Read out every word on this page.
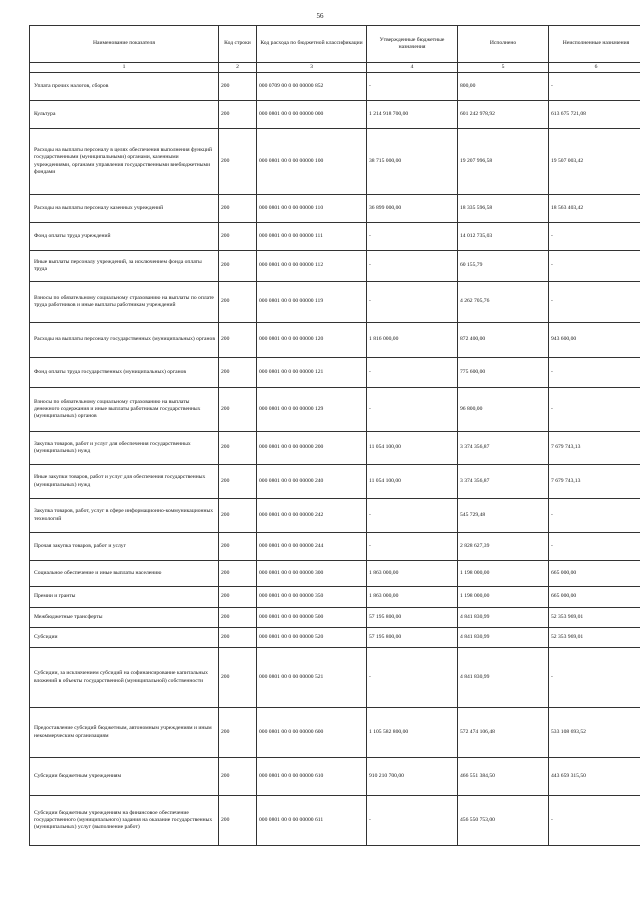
56
Наименование показателя	Код строки	Код расхода по бюджетной классификации	Утвержденные бюджетные назначения	Исполнено	Неисполненные назначения
1	2	3	4	5	6
Уплата прочих налогов, сборов	200	000 0709 00 0 00 00000 852	-	800,00	-
Культура	200	000 0801 00 0 00 00000 000	1 214 918 700,00	601 242 978,92	613 675 721,08
Расходы на выплаты персоналу в целях обеспечения выполнения функций государственными (муниципальными) органами, казенными учреждениями, органами управления государственными внебюджетными фондами	200	000 0801 00 0 00 00000 100	38 715 000,00	19 207 996,58	19 507 003,42
Расходы на выплаты персоналу казенных учреждений	200	000 0801 00 0 00 00000 110	36 899 000,00	18 335 596,58	18 563 403,42
Фонд оплаты труда учреждений	200	000 0801 00 0 00 00000 111	-	14 012 735,03	-
Иные выплаты персоналу учреждений, за исключением фонда оплаты труда	200	000 0801 00 0 00 00000 112	-	60 155,79	-
Взносы по обязательному социальному страхованию на выплаты по оплате труда работников и иные выплаты работникам учреждений	200	000 0801 00 0 00 00000 119	-	4 262 705,76	-
Расходы на выплаты персоналу государственных (муниципальных) органов	200	000 0801 00 0 00 00000 120	1 816 000,00	872 400,00	943 600,00
Фонд оплаты труда государственных (муниципальных) органов	200	000 0801 00 0 00 00000 121	-	775 600,00	-
Взносы по обязательному социальному страхованию на выплаты денежного содержания и иные выплаты работникам государственных (муниципальных) органов	200	000 0801 00 0 00 00000 129	-	96 800,00	-
Закупка товаров, работ и услуг для обеспечения государственных (муниципальных) нужд	200	000 0801 00 0 00 00000 200	11 054 100,00	3 374 356,87	7 679 743,13
Иные закупки товаров, работ и услуг для обеспечения государственных (муниципальных) нужд	200	000 0801 00 0 00 00000 240	11 054 100,00	3 374 356,87	7 679 743,13
Закупка товаров, работ, услуг в сфере информационно-коммуникационных технологий	200	000 0801 00 0 00 00000 242	-	545 729,48	-
Прочая закупка товаров, работ и услуг	200	000 0801 00 0 00 00000 244	-	2 828 627,39	-
Социальное обеспечение и иные выплаты населению	200	000 0801 00 0 00 00000 300	1 863 000,00	1 198 000,00	665 000,00
Премии и гранты	200	000 0801 00 0 00 00000 350	1 863 000,00	1 198 000,00	665 000,00
Межбюджетные трансферты	200	000 0801 00 0 00 00000 500	57 195 800,00	4 841 830,99	52 353 969,01
Субсидии	200	000 0801 00 0 00 00000 520	57 195 800,00	4 841 830,99	52 353 969,01
Субсидии, за исключением субсидий на софинансирование капитальных вложений в объекты государственной (муниципальной) собственности	200	000 0801 00 0 00 00000 521	-	4 841 830,99	-
Предоставление субсидий бюджетным, автономным учреждениям и иным некоммерческим организациям	200	000 0801 00 0 00 00000 600	1 105 582 800,00	572 474 106,48	533 108 693,52
Субсидии бюджетным учреждениям	200	000 0801 00 0 00 00000 610	910 210 700,00	466 551 384,50	443 659 315,50
Субсидии бюджетным учреждениям на финансовое обеспечение государственного (муниципального) задания на оказание государственных (муниципальных) услуг (выполнение работ)	200	000 0801 00 0 00 00000 611	-	456 550 753,00	-
